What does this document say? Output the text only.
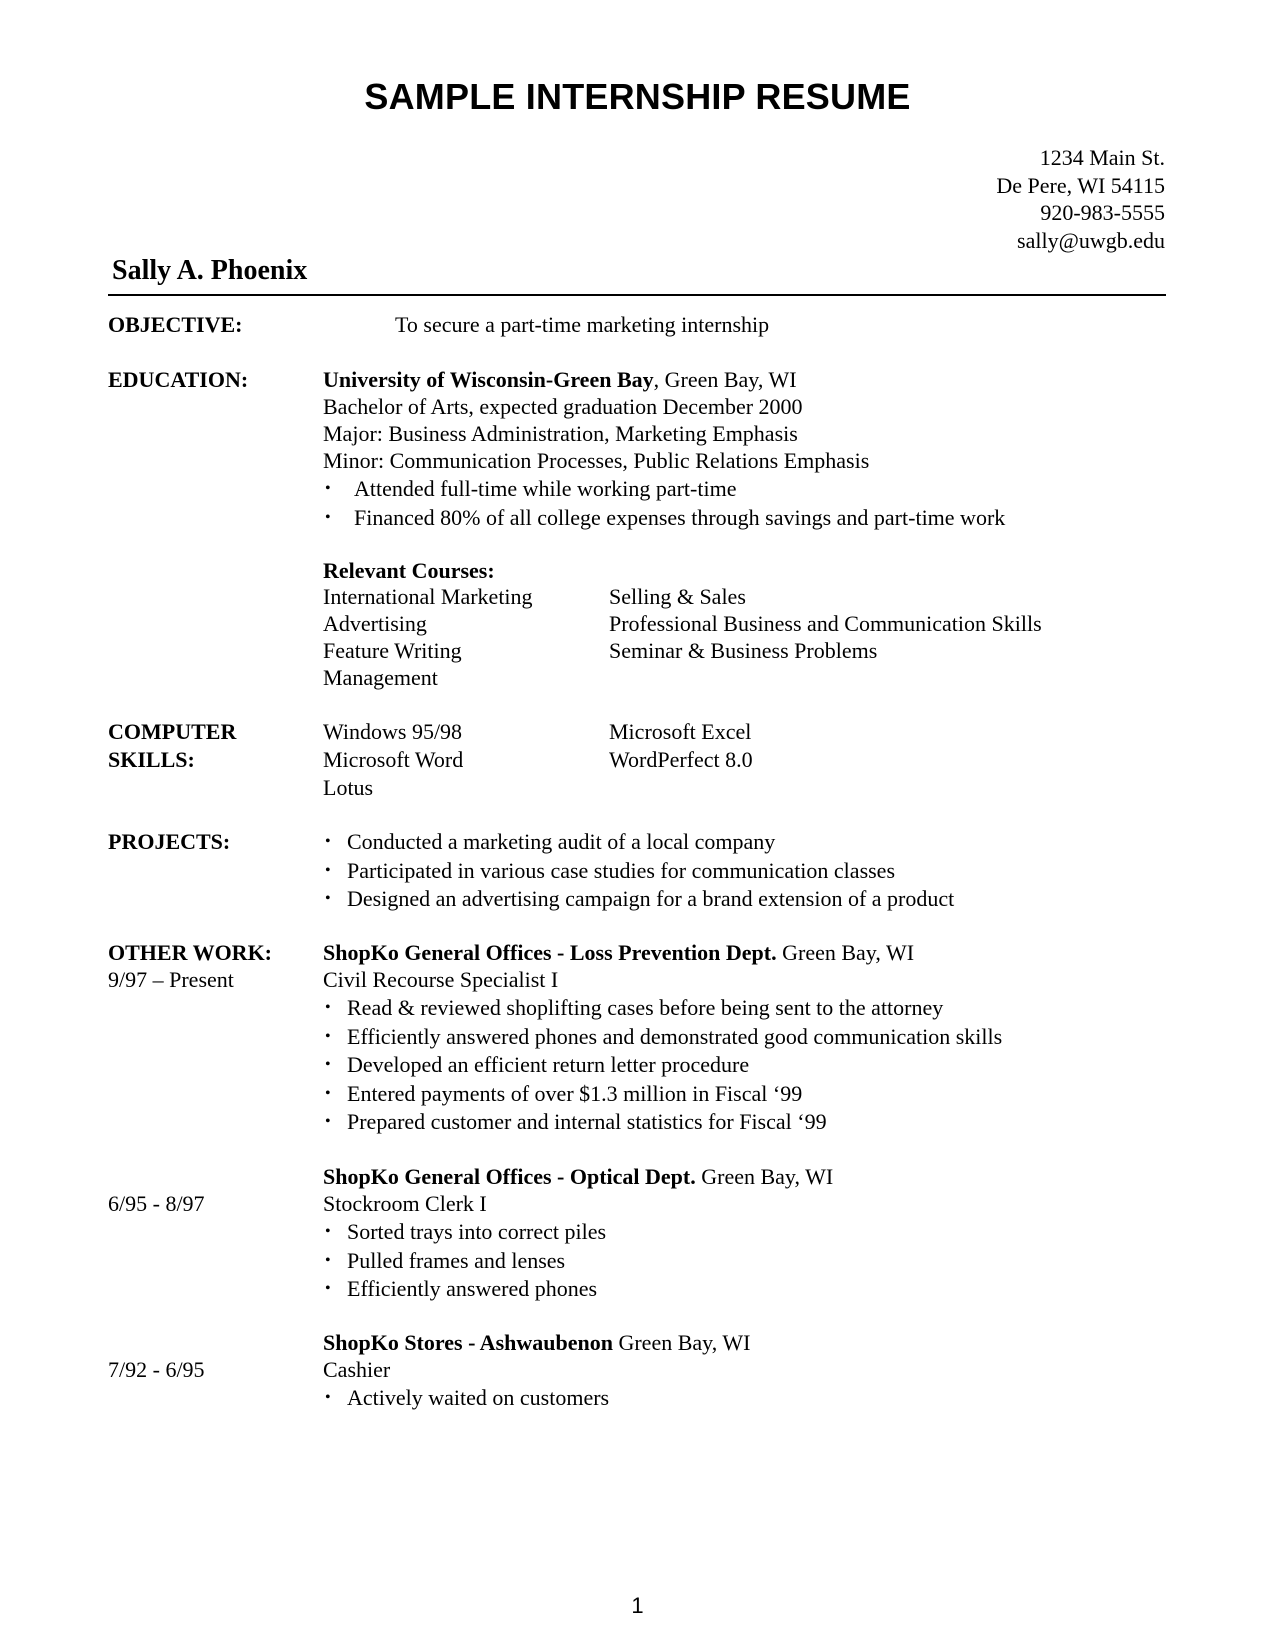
SAMPLE INTERNSHIP RESUME
1234 Main St.
De Pere, WI 54115
920-983-5555
sally@uwgb.edu
Sally A. Phoenix
OBJECTIVE:	To secure a part-time marketing internship
EDUCATION:	University of Wisconsin-Green Bay, Green Bay, WI
Bachelor of Arts, expected graduation December 2000
Major: Business Administration, Marketing Emphasis
Minor: Communication Processes, Public Relations Emphasis
• Attended full-time while working part-time
• Financed 80% of all college expenses through savings and part-time work
Relevant Courses:
International Marketing
Advertising
Feature Writing
Management
Selling & Sales
Professional Business and Communication Skills
Seminar & Business Problems
COMPUTER
SKILLS:
Windows 95/98
Microsoft Word
Lotus
Microsoft Excel
WordPerfect 8.0
PROJECTS:
•	Conducted a marketing audit of a local company
• Participated in various case studies for communication classes
• Designed an advertising campaign for a brand extension of a product
OTHER WORK:
9/97 – Present
ShopKo General Offices - Loss Prevention Dept. Green Bay, WI
Civil Recourse Specialist I
• Read & reviewed shoplifting cases before being sent to the attorney
• Efficiently answered phones and demonstrated good communication skills
• Developed an efficient return letter procedure
• Entered payments of over $1.3 million in Fiscal ‘99
• Prepared customer and internal statistics for Fiscal ‘99
ShopKo General Offices - Optical Dept. Green Bay, WI
6/95 - 8/97	Stockroom Clerk I
• Sorted trays into correct piles
• Pulled frames and lenses
• Efficiently answered phones
ShopKo Stores - Ashwaubenon Green Bay, WI
7/92 - 6/95	Cashier
• Actively waited on customers
1
